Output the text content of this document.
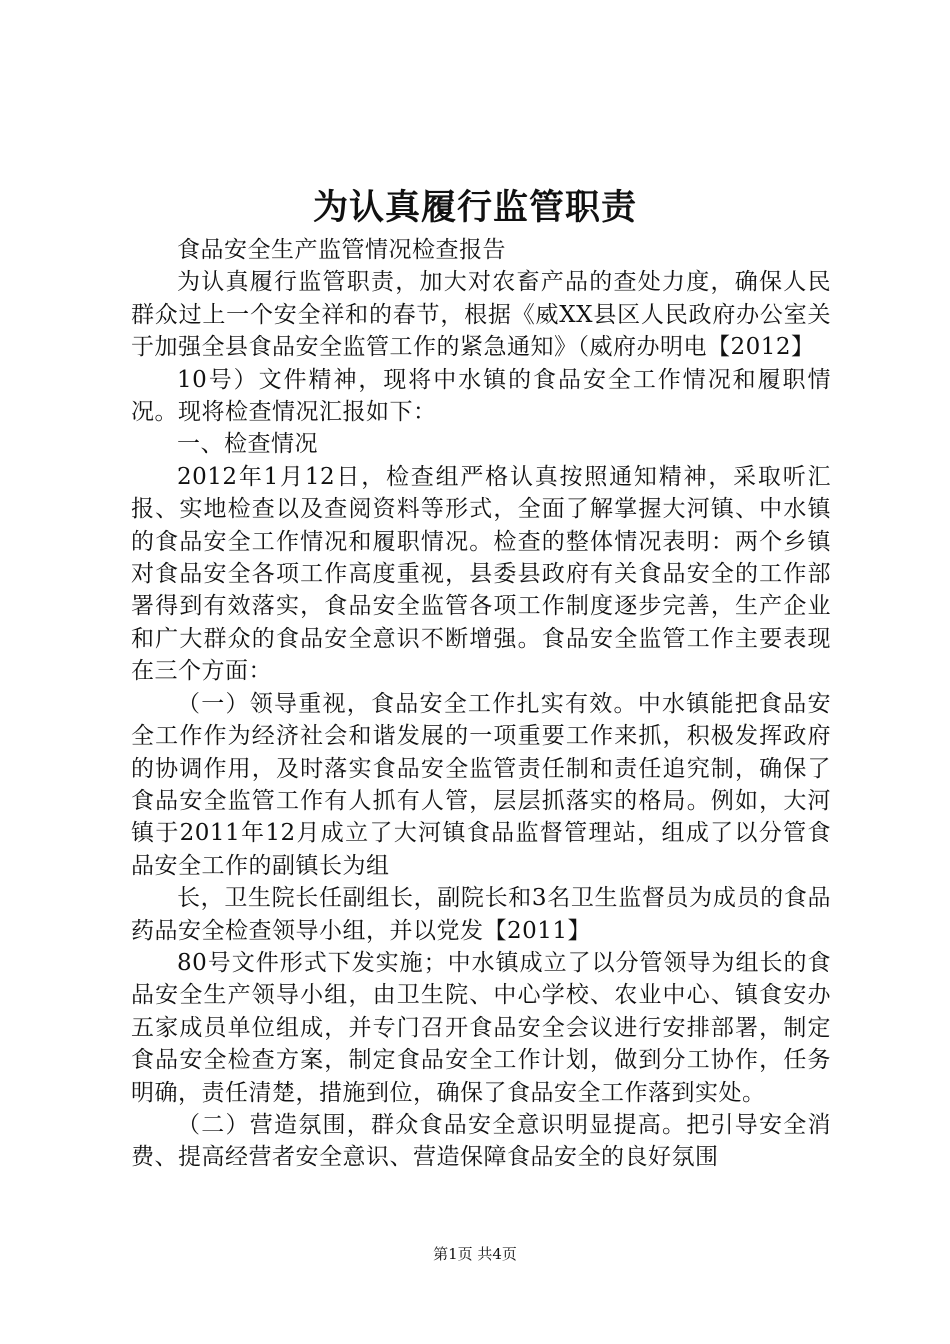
为认真履行监管职责

食品安全生产监管情况检查报告

为认真履行监管职责，加大对农畜产品的查处力度，确保人民群众过上一个安全祥和的春节，根据《威XX县区人民政府办公室关于加强全县食品安全监管工作的紧急通知》（威府办明电【2012】

10号）文件精神，现将中水镇的食品安全工作情况和履职情况。现将检查情况汇报如下：

一、检查情况

2012年1月12日，检查组严格认真按照通知精神，采取听汇报、实地检查以及查阅资料等形式，全面了解掌握大河镇、中水镇的食品安全工作情况和履职情况。检查的整体情况表明：两个乡镇对食品安全各项工作高度重视，县委县政府有关食品安全的工作部署得到有效落实，食品安全监管各项工作制度逐步完善，生产企业和广大群众的食品安全意识不断增强。食品安全监管工作主要表现在三个方面：

（一）领导重视，食品安全工作扎实有效。中水镇能把食品安全工作作为经济社会和谐发展的一项重要工作来抓，积极发挥政府的协调作用，及时落实食品安全监管责任制和责任追究制，确保了食品安全监管工作有人抓有人管，层层抓落实的格局。例如，大河镇于2011年12月成立了大河镇食品监督管理站，组成了以分管食品安全工作的副镇长为组

长，卫生院长任副组长，副院长和3名卫生监督员为成员的食品药品安全检查领导小组，并以党发【2011】

80号文件形式下发实施；中水镇成立了以分管领导为组长的食品安全生产领导小组，由卫生院、中心学校、农业中心、镇食安办五家成员单位组成，并专门召开食品安全会议进行安排部署，制定食品安全检查方案，制定食品安全工作计划，做到分工协作，任务明确，责任清楚，措施到位，确保了食品安全工作落到实处。

（二）营造氛围，群众食品安全意识明显提高。把引导安全消费、提高经营者安全意识、营造保障食品安全的良好氛围

第1页 共4页
